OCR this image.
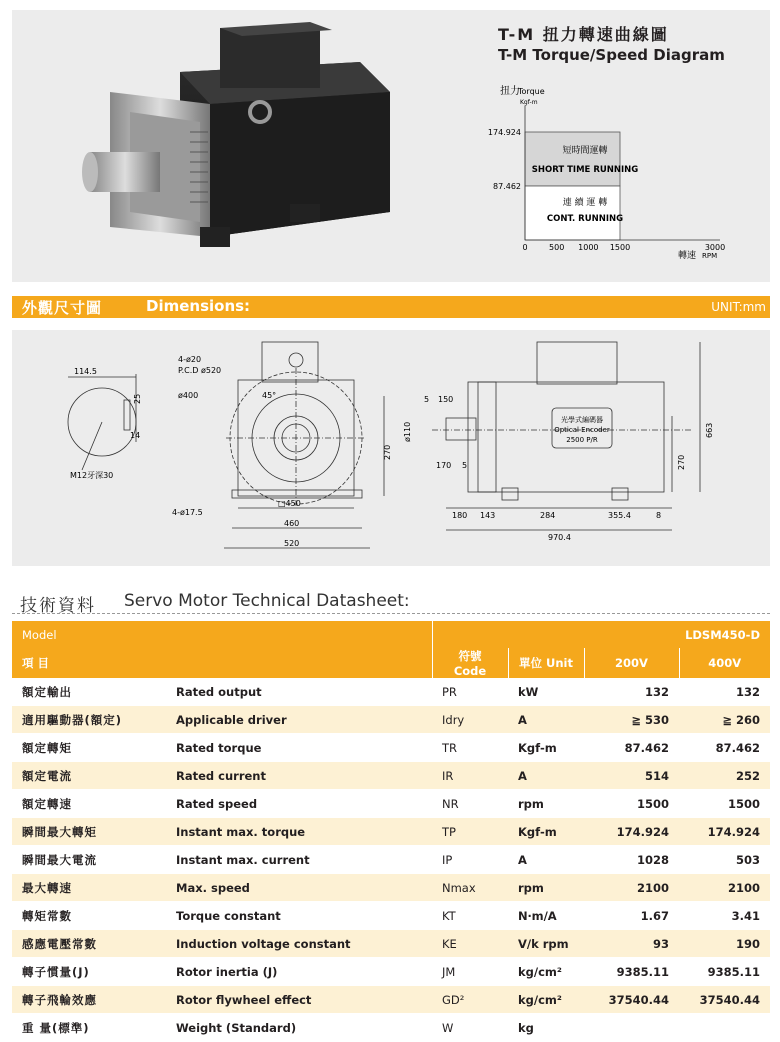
T-M 扭力轉速曲線圖
T-M Torque/Speed Diagram
扭力
Torque
Kgf-m
0	500 1000 1500	3000
174.924
87.462
短時間運轉
SHORT TIME RUNNING
連 續 運 轉
CONT. RUNNING
轉速 RPM
外觀尺寸圖	Dimensions:	UNIT:mm
114.5
25
14
M12牙深30
4-ø20
P.C.D ø520
ø400	45°
270
4-ø17.5
□450
460
520
ø110
5 150
170 5
光學式編碼器
Optical Encoder
2500 P/R
663
270
180 143	284	355.4	8
970.4
技術資料 Servo Motor Technical Datasheet:
Model		LDSM450-D			
項 目		符號 Code	單位 Unit	200V	400V
額定輸出	Rated output	PR	kW	132	132
適用驅動器(額定)	Applicable driver	Idry	A	≧ 530	≧ 260
額定轉矩	Rated torque	TR	Kgf-m	87.462	87.462
額定電流	Rated current	IR	A	514	252
額定轉速	Rated speed	NR	rpm	1500	1500
瞬間最大轉矩	Instant max. torque	TP	Kgf-m	174.924	174.924
瞬間最大電流	Instant max. current	IP	A	1028	503
最大轉速	Max. speed	Nmax	rpm	2100	2100
轉矩常數	Torque constant	KT	N‧m/A	1.67	3.41
感應電壓常數	Induction voltage constant	KE	V/k rpm	93	190
轉子慣量(J)	Rotor inertia (J)	JM	kg/cm²	9385.11	9385.11
轉子飛輪效應	Rotor flywheel effect	GD²	kg/cm²	37540.44	37540.44
重 量(標準)	Weight (Standard)	W	kg		
